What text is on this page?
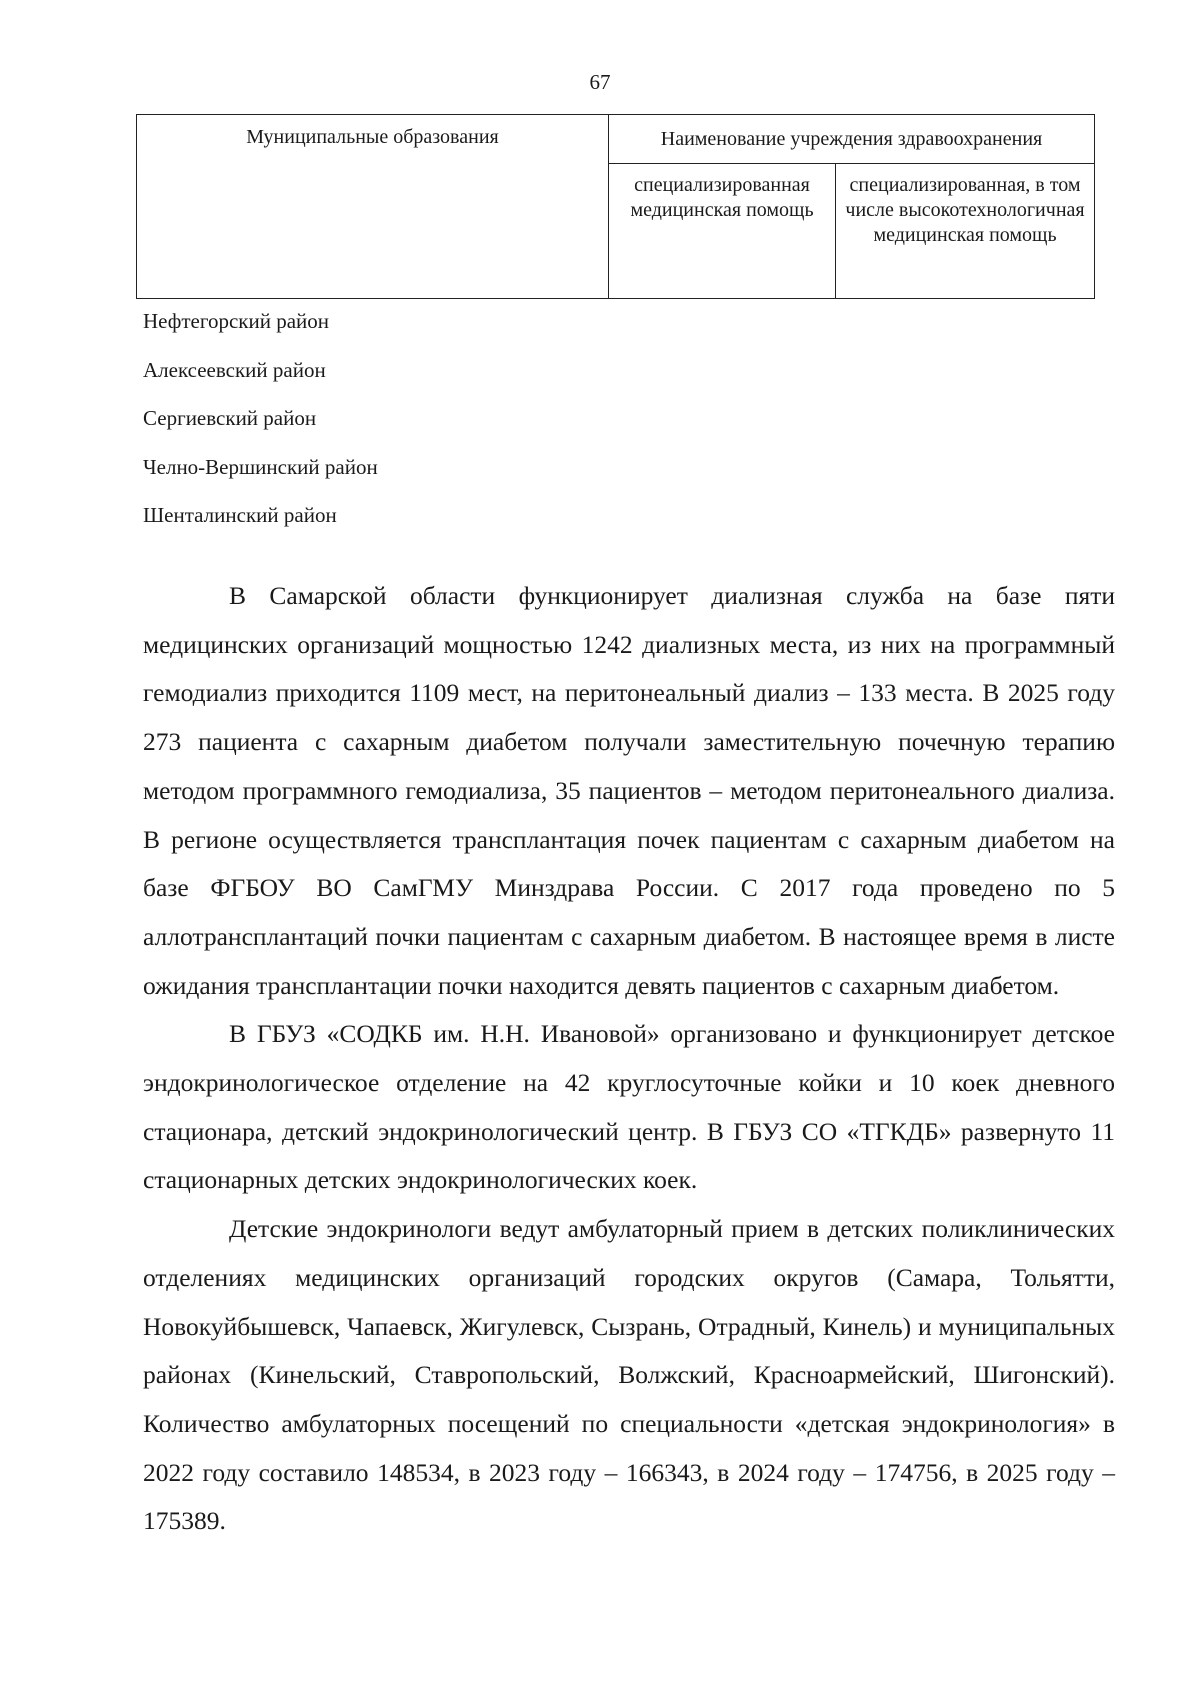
67
Муниципальные образования	Наименование учреждения здравоохранения	
	специализированная медицинская помощь	специализированная, в том числе высокотехнологичная медицинская помощь
Нефтегорский район
Алексеевский район
Сергиевский район
Челно-Вершинский район
Шенталинский район

В Самарской области функционирует диализная служба на базе пяти медицинских организаций мощностью 1242 диализных места, из них на программный гемодиализ приходится 1109 мест, на перитонеальный диализ – 133 места. В 2025 году 273 пациента с сахарным диабетом получали заместительную почечную терапию методом программного гемодиализа, 35 пациентов – методом перитонеального диализа. В регионе осуществляется трансплантация почек пациентам с сахарным диабетом на базе ФГБОУ ВО СамГМУ Минздрава России. С 2017 года проведено по 5 аллотрансплантаций почки пациентам с сахарным диабетом. В настоящее время в листе ожидания трансплантации почки находится девять пациентов с сахарным диабетом.

В ГБУЗ «СОДКБ им. Н.Н. Ивановой» организовано и функционирует детское эндокринологическое отделение на 42 круглосуточные койки и 10 коек дневного стационара, детский эндокринологический центр. В ГБУЗ СО «ТГКДБ» развернуто 11 стационарных детских эндокринологических коек.

Детские эндокринологи ведут амбулаторный прием в детских поликлинических отделениях медицинских организаций городских округов (Самара, Тольятти, Новокуйбышевск, Чапаевск, Жигулевск, Сызрань, Отрадный, Кинель) и муниципальных районах (Кинельский, Ставропольский, Волжский, Красноармейский, Шигонский). Количество амбулаторных посещений по специальности «детская эндокринология» в 2022 году составило 148534, в 2023 году – 166343, в 2024 году – 174756, в 2025 году – 175389.
